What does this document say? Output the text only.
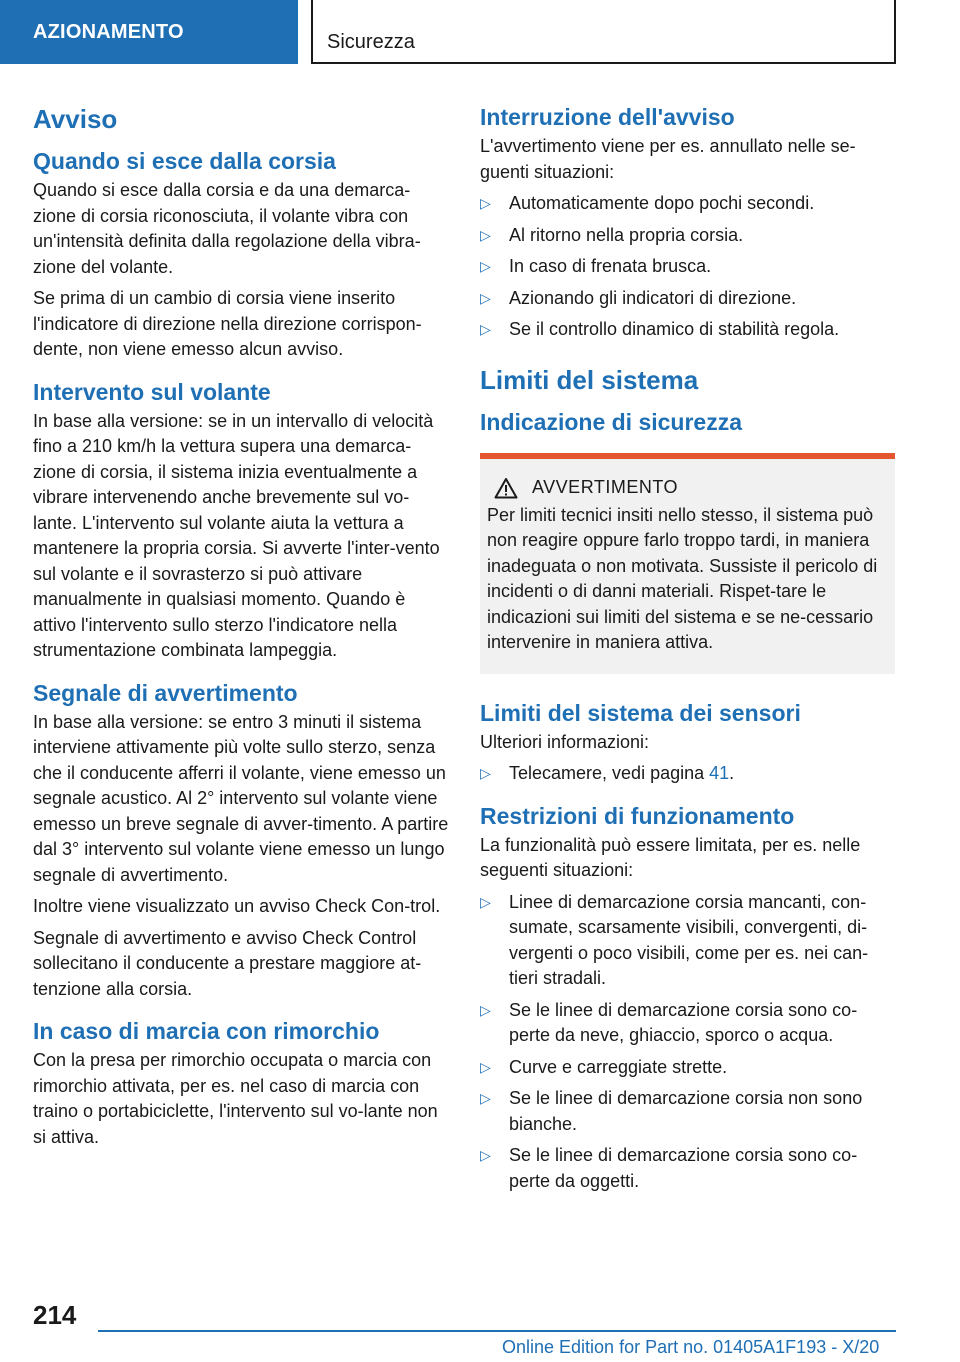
AZIONAMENTO	Sicurezza
Avviso
Quando si esce dalla corsia

Quando si esce dalla corsia e da una demarca-zione di corsia riconosciuta, il volante vibra con un'intensità definita dalla regolazione della vibra-zione del volante.

Se prima di un cambio di corsia viene inserito l'indicatore di direzione nella direzione corrispon-dente, non viene emesso alcun avviso.

Intervento sul volante

In base alla versione: se in un intervallo di velocità fino a 210 km/h la vettura supera una demarca-zione di corsia, il sistema inizia eventualmente a vibrare intervenendo anche brevemente sul vo-lante. L'intervento sul volante aiuta la vettura a mantenere la propria corsia. Si avverte l'inter-vento sul volante e il sovrasterzo si può attivare manualmente in qualsiasi momento. Quando è attivo l'intervento sullo sterzo l'indicatore nella strumentazione combinata lampeggia.

Segnale di avvertimento

In base alla versione: se entro 3 minuti il sistema interviene attivamente più volte sullo sterzo, senza che il conducente afferri il volante, viene emesso un segnale acustico. Al 2° intervento sul volante viene emesso un breve segnale di avver-timento. A partire dal 3° intervento sul volante viene emesso un lungo segnale di avvertimento.

Inoltre viene visualizzato un avviso Check Con-trol.

Segnale di avvertimento e avviso Check Control sollecitano il conducente a prestare maggiore at-tenzione alla corsia.

In caso di marcia con rimorchio

Con la presa per rimorchio occupata o marcia con rimorchio attivata, per es. nel caso di marcia con traino o portabiciclette, l'intervento sul vo-lante non si attiva.

Interruzione dell'avviso

L'avvertimento viene per es. annullato nelle se-guenti situazioni:

▷ Automaticamente dopo pochi secondi.
▷ Al ritorno nella propria corsia.
▷ In caso di frenata brusca.
▷ Azionando gli indicatori di direzione.
▷ Se il controllo dinamico di stabilità regola.
Limiti del sistema
Indicazione di sicurezza
AVVERTIMENTO

Per limiti tecnici insiti nello stesso, il sistema può non reagire oppure farlo troppo tardi, in maniera inadeguata o non motivata. Sussiste il pericolo di incidenti o di danni materiali. Rispet-tare le indicazioni sui limiti del sistema e se ne-cessario intervenire in maniera attiva.

Limiti del sistema dei sensori

Ulteriori informazioni:

▷ Telecamere, vedi pagina 41.
Restrizioni di funzionamento

La funzionalità può essere limitata, per es. nelle seguenti situazioni:

▷ Linee di demarcazione corsia mancanti, con-sumate, scarsamente visibili, convergenti, di-vergenti o poco visibili, come per es. nei can-tieri stradali.
▷ Se le linee di demarcazione corsia sono co-perte da neve, ghiaccio, sporco o acqua.
▷ Curve e carreggiate strette.
▷ Se le linee di demarcazione corsia non sono bianche.
▷ Se le linee di demarcazione corsia sono co-perte da oggetti.
214
Online Edition for Part no. 01405A1F193 - X/20
